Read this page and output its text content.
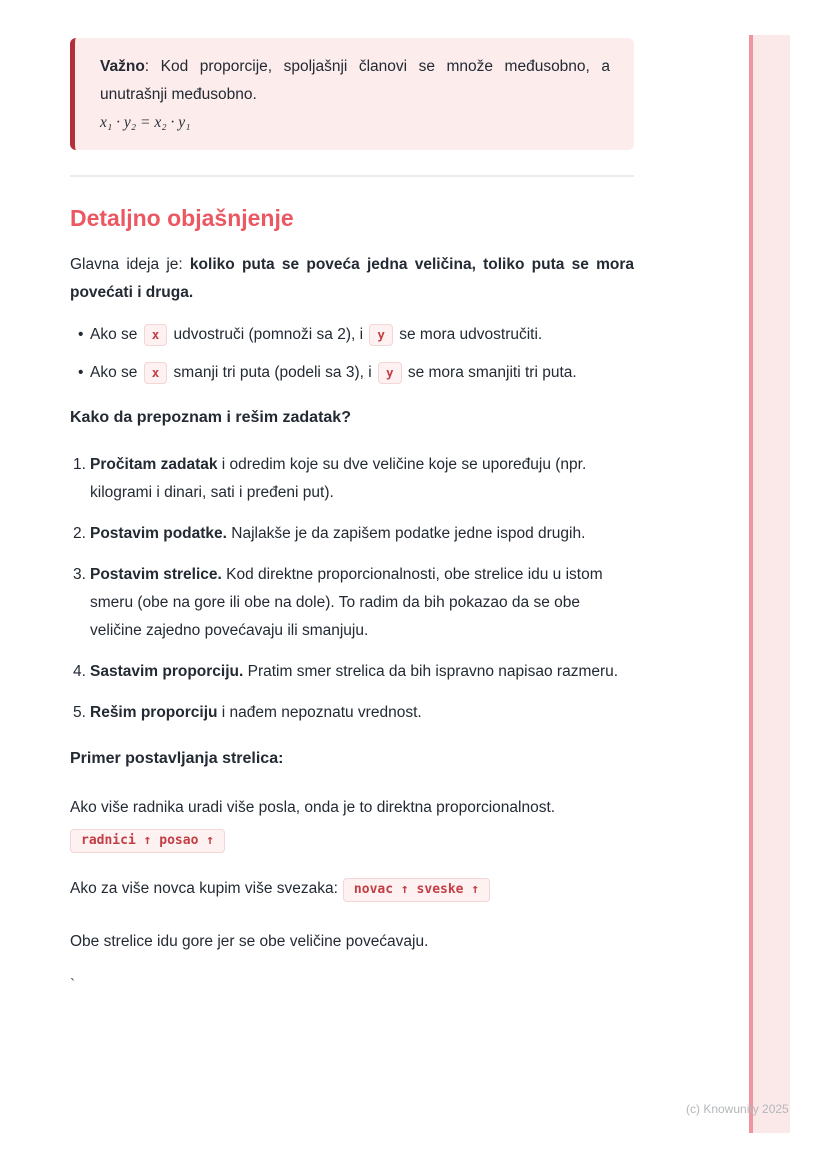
Važno: Kod proporcije, spoljašnji članovi se množe međusobno, a unutrašnji međusobno.
x₁ · y₂ = x₂ · y₁
Detaljno objašnjenje

Glavna ideja je: koliko puta se poveća jedna veličina, toliko puta se mora povećati i druga.

• Ako se x udvostruči (pomnoži sa 2), i y se mora udvostručiti.
• Ako se x smanji tri puta (podeli sa 3), i y se mora smanjiti tri puta.

Kako da prepoznam i rešim zadatak?

1. Pročitam zadatak i odredim koje su dve veličine koje se upoređuju (npr. kilogrami i dinari, sati i pređeni put).
2. Postavim podatke. Najlakše je da zapišem podatke jedne ispod drugih.
3. Postavim strelice. Kod direktne proporcionalnosti, obe strelice idu u istom smeru (obe na gore ili obe na dole). To radim da bih pokazao da se obe veličine zajedno povećavaju ili smanjuju.
4. Sastavim proporciju. Pratim smer strelica da bih ispravno napisao razmeru.
5. Rešim proporciju i nađem nepoznatu vrednost.

Primer postavljanja strelica:

Ako više radnika uradi više posla, onda je to direktna proporcionalnost.

radnici ↑ posao ↑

Ako za više novca kupim više svezaka: novac ↑ sveske ↑

Obe strelice idu gore jer se obe veličine povećavaju.

`

(c) Knowunity 2025
